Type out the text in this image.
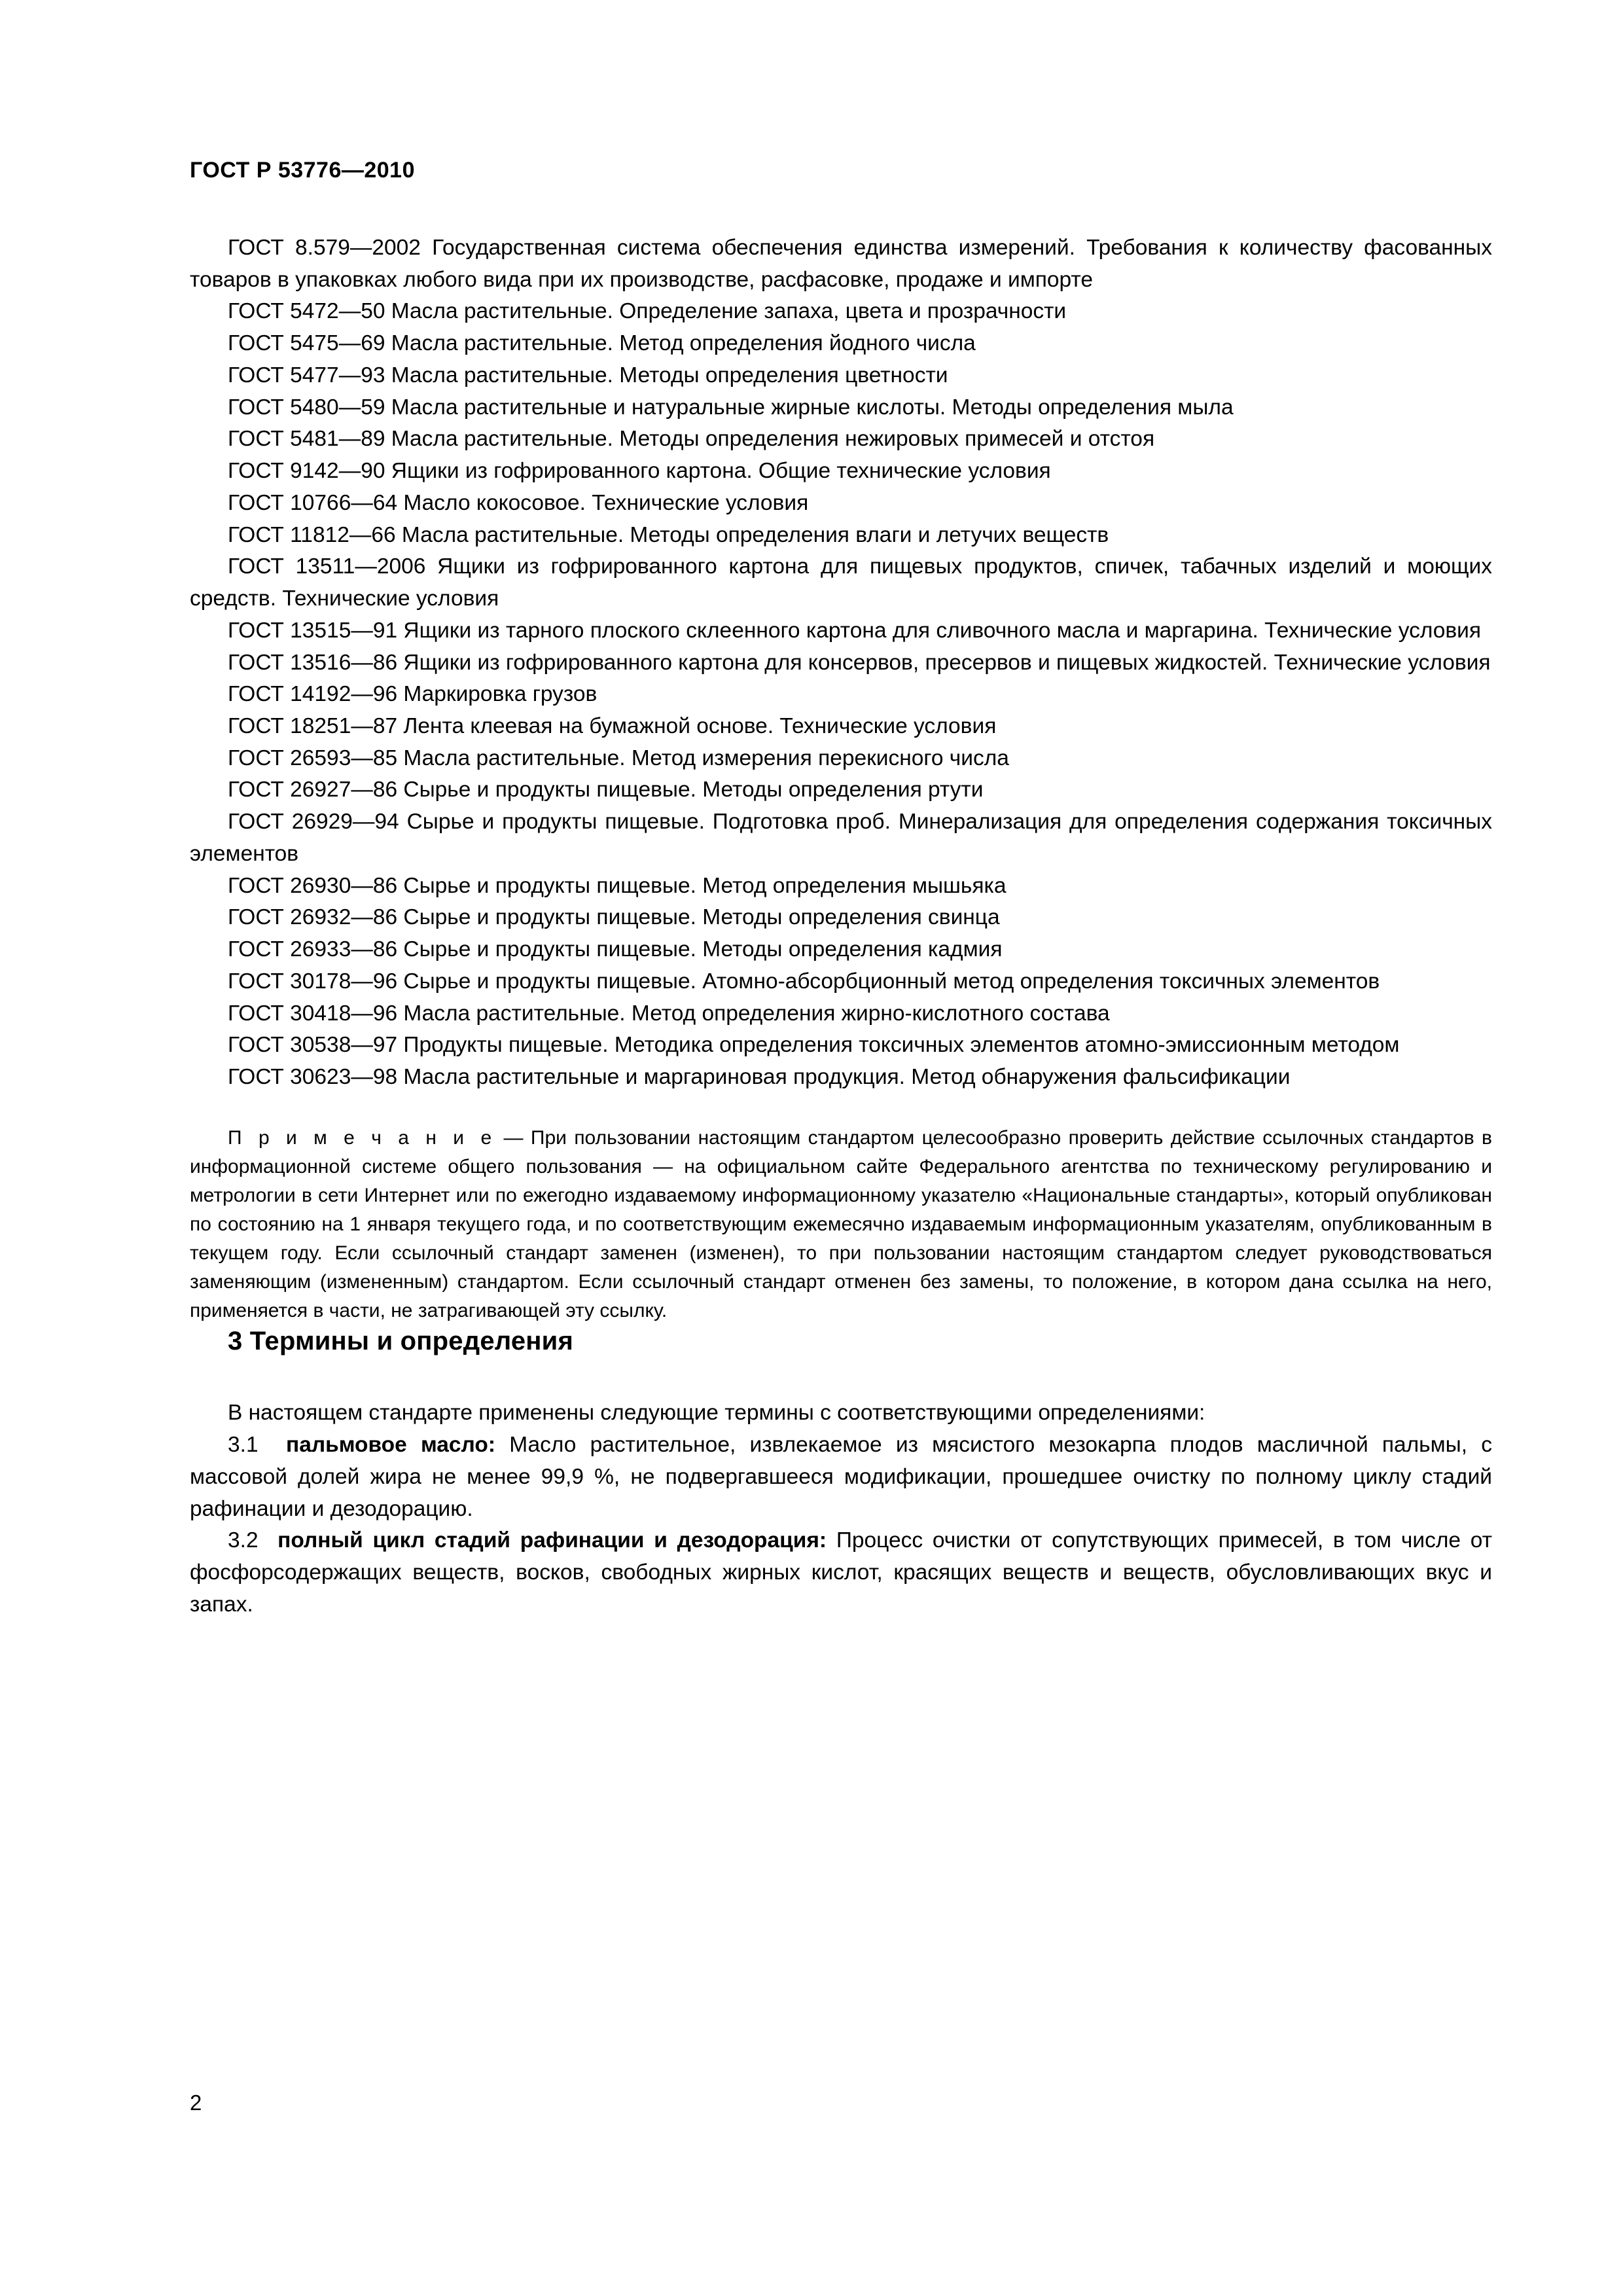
ГОСТ Р 53776—2010

ГОСТ 8.579—2002 Государственная система обеспечения единства измерений. Требования к количеству фасованных товаров в упаковках любого вида при их производстве, расфасовке, продаже и импорте

ГОСТ 5472—50 Масла растительные. Определение запаха, цвета и прозрачности

ГОСТ 5475—69 Масла растительные. Метод определения йодного числа

ГОСТ 5477—93 Масла растительные. Методы определения цветности

ГОСТ 5480—59 Масла растительные и натуральные жирные кислоты. Методы определения мыла

ГОСТ 5481—89 Масла растительные. Методы определения нежировых примесей и отстоя

ГОСТ 9142—90 Ящики из гофрированного картона. Общие технические условия

ГОСТ 10766—64 Масло кокосовое. Технические условия

ГОСТ 11812—66 Масла растительные. Методы определения влаги и летучих веществ

ГОСТ 13511—2006 Ящики из гофрированного картона для пищевых продуктов, спичек, табачных изделий и моющих средств. Технические условия

ГОСТ 13515—91 Ящики из тарного плоского склеенного картона для сливочного масла и маргарина. Технические условия

ГОСТ 13516—86 Ящики из гофрированного картона для консервов, пресервов и пищевых жидкостей. Технические условия

ГОСТ 14192—96 Маркировка грузов

ГОСТ 18251—87 Лента клеевая на бумажной основе. Технические условия

ГОСТ 26593—85 Масла растительные. Метод измерения перекисного числа

ГОСТ 26927—86 Сырье и продукты пищевые. Методы определения ртути

ГОСТ 26929—94 Сырье и продукты пищевые. Подготовка проб. Минерализация для определения содержания токсичных элементов

ГОСТ 26930—86 Сырье и продукты пищевые. Метод определения мышьяка

ГОСТ 26932—86 Сырье и продукты пищевые. Методы определения свинца

ГОСТ 26933—86 Сырье и продукты пищевые. Методы определения кадмия

ГОСТ 30178—96 Сырье и продукты пищевые. Атомно-абсорбционный метод определения токсичных элементов

ГОСТ 30418—96 Масла растительные. Метод определения жирно-кислотного состава

ГОСТ 30538—97 Продукты пищевые. Методика определения токсичных элементов атомно-эмиссионным методом

ГОСТ 30623—98 Масла растительные и маргариновая продукция. Метод обнаружения фальсификации

П р и м е ч а н и е — При пользовании настоящим стандартом целесообразно проверить действие ссылочных стандартов в информационной системе общего пользования — на официальном сайте Федерального агентства по техническому регулированию и метрологии в сети Интернет или по ежегодно издаваемому информационному указателю «Национальные стандарты», который опубликован по состоянию на 1 января текущего года, и по соответствующим ежемесячно издаваемым информационным указателям, опубликованным в текущем году. Если ссылочный стандарт заменен (изменен), то при пользовании настоящим стандартом следует руководствоваться заменяющим (измененным) стандартом. Если ссылочный стандарт отменен без замены, то положение, в котором дана ссылка на него, применяется в части, не затрагивающей эту ссылку.

3 Термины и определения

В настоящем стандарте применены следующие термины с соответствующими определениями:

3.1 пальмовое масло: Масло растительное, извлекаемое из мясистого мезокарпа плодов масличной пальмы, с массовой долей жира не менее 99,9 %, не подвергавшееся модификации, прошедшее очистку по полному циклу стадий рафинации и дезодорацию.

3.2 полный цикл стадий рафинации и дезодорация: Процесс очистки от сопутствующих примесей, в том числе от фосфорсодержащих веществ, восков, свободных жирных кислот, красящих веществ и веществ, обусловливающих вкус и запах.

2
